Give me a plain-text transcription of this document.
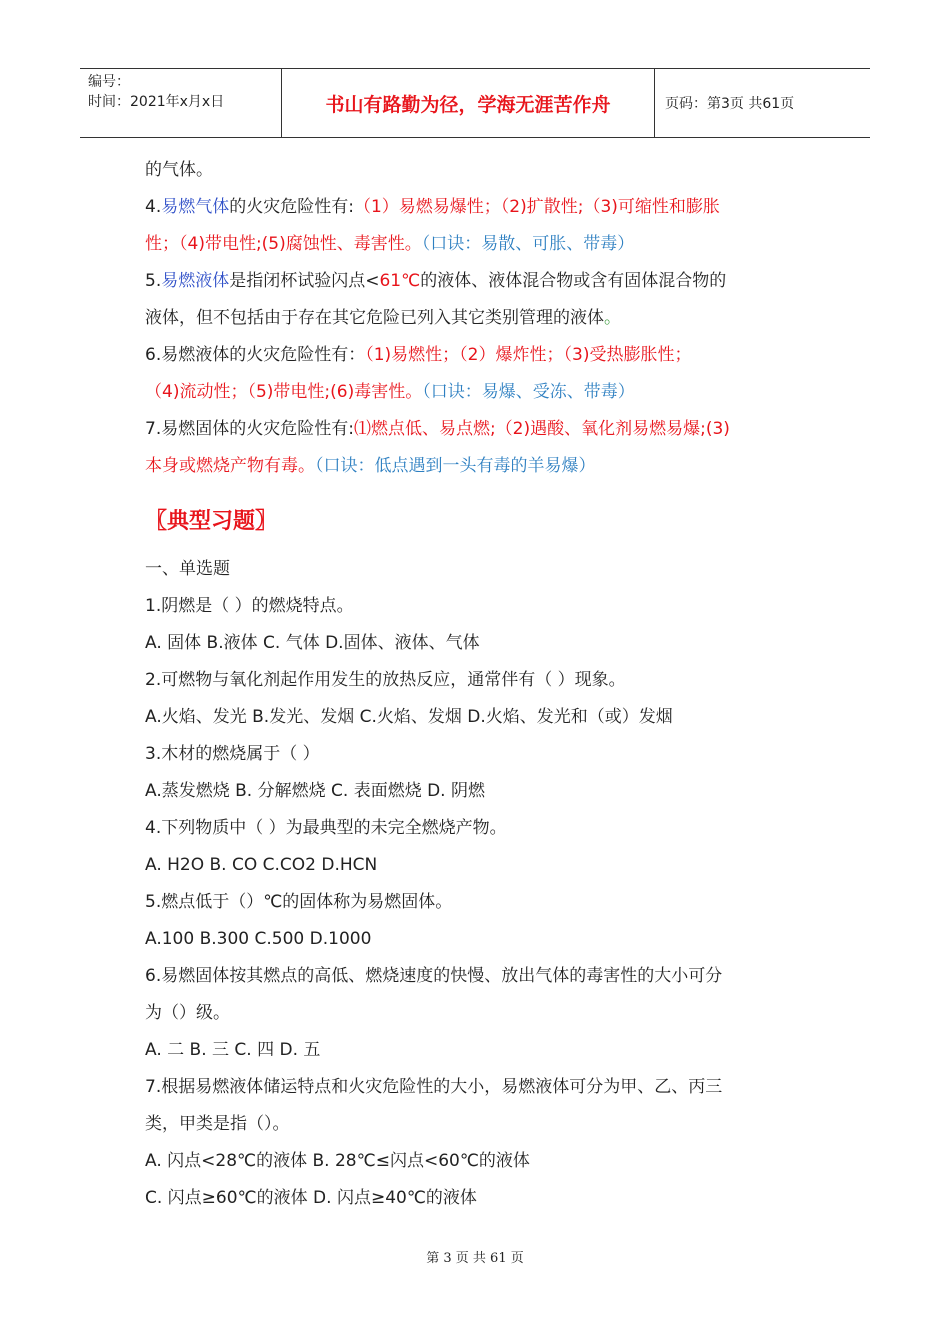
编号：
时间：2021年x月x日	书山有路勤为径，学海无涯苦作舟	页码：第3页 共61页
的气体。
4.易燃气体的火灾危险性有:（1）易燃易爆性；（2)扩散性;（3)可缩性和膨胀
性；（4)带电性;(5)腐蚀性、毒害性。（口诀：易散、可胀、带毒）
5.易燃液体是指闭杯试验闪点<61℃的液体、液体混合物或含有固体混合物的
液体，但不包括由于存在其它危险已列入其它类别管理的液体。
6.易燃液体的火灾危险性有：（1)易燃性；（2）爆炸性；（3)受热膨胀性；
（4)流动性；（5)带电性;(6)毒害性。（口诀：易爆、受冻、带毒）
7.易燃固体的火灾危险性有:⑴燃点低、易点燃;（2)遇酸、氧化剂易燃易爆;(3)
本身或燃烧产物有毒。（口诀：低点遇到一头有毒的羊易爆）
〖典型习题〗
一、单选题
1.阴燃是（ ）的燃烧特点。
A. 固体 B.液体 C. 气体 D.固体、液体、气体
2.可燃物与氧化剂起作用发生的放热反应，通常伴有（ ）现象。
A.火焰、发光 B.发光、发烟 C.火焰、发烟 D.火焰、发光和（或）发烟
3.木材的燃烧属于（ ）
A.蒸发燃烧 B. 分解燃烧 C. 表面燃烧 D. 阴燃
4.下列物质中（ ）为最典型的未完全燃烧产物。
A. H2O B. CO C.CO2 D.HCN
5.燃点低于（）℃的固体称为易燃固体。
A.100 B.300 C.500 D.1000
6.易燃固体按其燃点的高低、燃烧速度的快慢、放出气体的毒害性的大小可分
为（）级。
A. 二 B. 三 C. 四 D. 五
7.根据易燃液体储运特点和火灾危险性的大小，易燃液体可分为甲、乙、丙三
类，甲类是指（）。
A. 闪点<28℃的液体 B. 28℃≤闪点<60℃的液体
C. 闪点≥60℃的液体 D. 闪点≥40℃的液体
第 3 页 共 61 页
